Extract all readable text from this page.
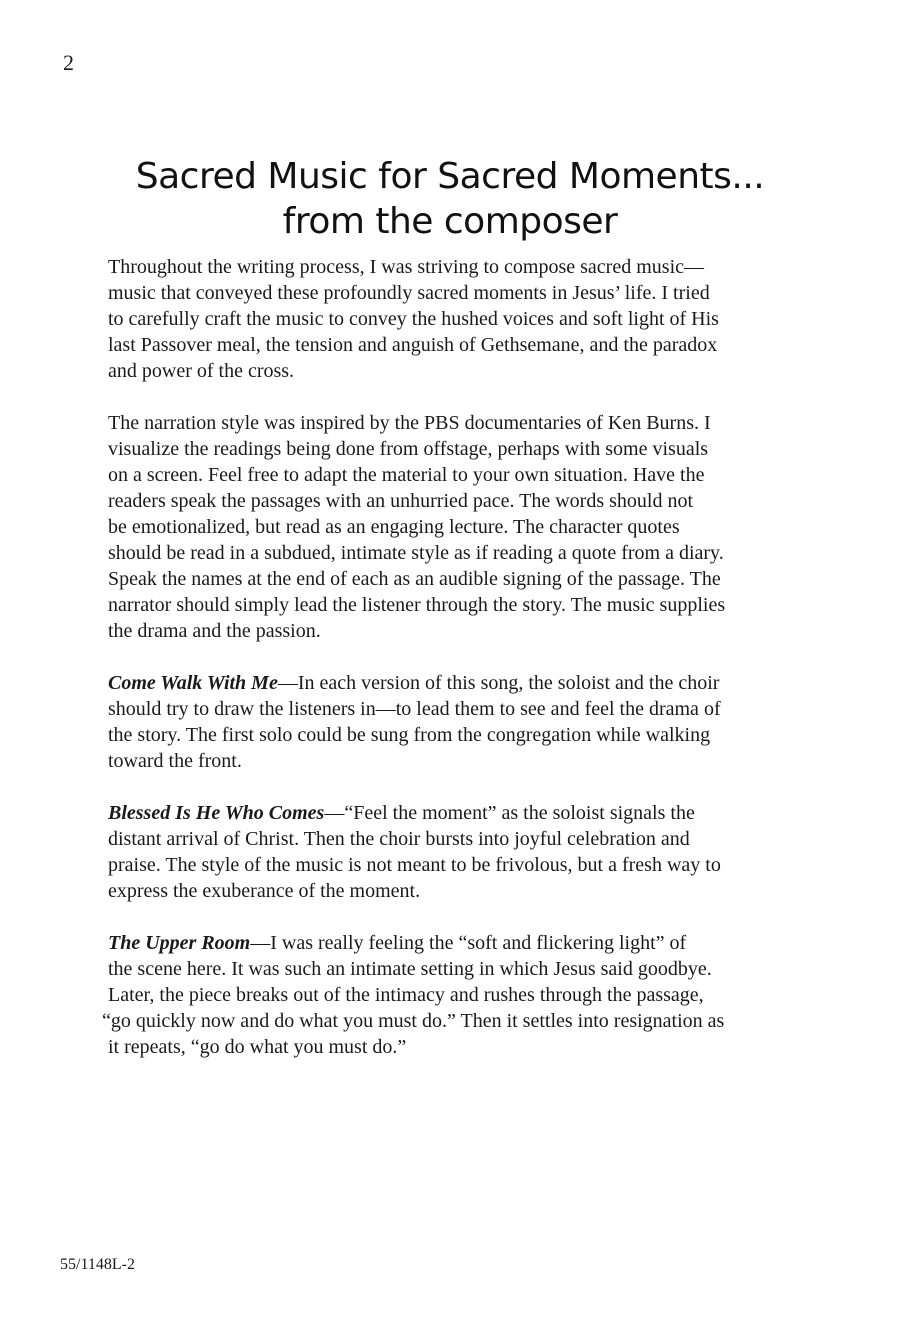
2
Sacred Music for Sacred Moments...
from the composer

Throughout the writing process, I was striving to compose sacred music—
music that conveyed these profoundly sacred moments in Jesus’ life. I tried
to carefully craft the music to convey the hushed voices and soft light of His
last Passover meal, the tension and anguish of Gethsemane, and the paradox
and power of the cross.

The narration style was inspired by the PBS documentaries of Ken Burns. I
visualize the readings being done from offstage, perhaps with some visuals
on a screen. Feel free to adapt the material to your own situation. Have the
readers speak the passages with an unhurried pace. The words should not
be emotionalized, but read as an engaging lecture. The character quotes
should be read in a subdued, intimate style as if reading a quote from a diary.
Speak the names at the end of each as an audible signing of the passage. The
narrator should simply lead the listener through the story. The music supplies
the drama and the passion.

Come Walk With Me—In each version of this song, the soloist and the choir
should try to draw the listeners in—to lead them to see and feel the drama of
the story. The first solo could be sung from the congregation while walking
toward the front.

Blessed Is He Who Comes—“Feel the moment” as the soloist signals the
distant arrival of Christ. Then the choir bursts into joyful celebration and
praise. The style of the music is not meant to be frivolous, but a fresh way to
express the exuberance of the moment.

The Upper Room—I was really feeling the “soft and flickering light” of
the scene here. It was such an intimate setting in which Jesus said goodbye.
Later, the piece breaks out of the intimacy and rushes through the passage,
“go quickly now and do what you must do.” Then it settles into resignation as
it repeats, “go do what you must do.”

55/1148L-2
